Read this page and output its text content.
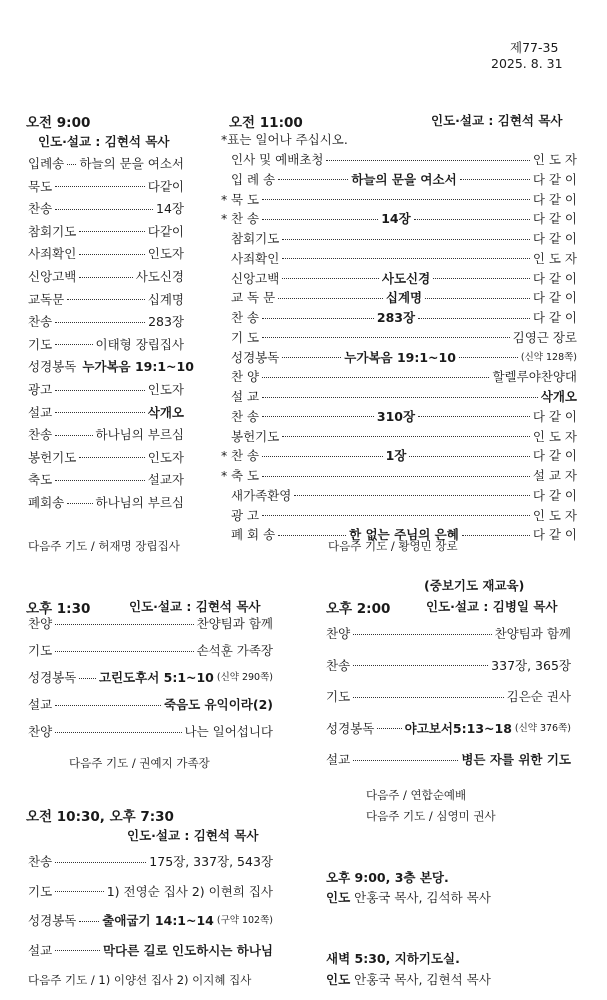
제77-35
2025. 8. 31
오전 9:00
인도·설교 : 김현석 목사
입례송 하늘의 문을 여소서
묵도	다같이
찬송	14장
참회기도	다같이
사죄확인	인도자
신앙고백	사도신경
교독문	십계명
찬송	283장
기도	이태형 장립집사
성경봉독 누가복음 19:1~10
광고	인도자
설교	삭개오
찬송	하나님의 부르심
봉헌기도	인도자
축도	설교자
폐회송	하나님의 부르심
다음주 기도 / 허재명 장립집사
오전 11:00	인도·설교 : 김현석 목사
*표는 일어나 주십시오.
인사 및 예배초청	인 도 자
입 례 송	하늘의 문을 여소서	다 같 이
* 묵 도	다 같 이
* 찬 송	14장	다 같 이
참회기도	다 같 이
사죄확인	인 도 자
신앙고백	사도신경	다 같 이
교 독 문	십계명	다 같 이
찬 송	283장	다 같 이
기 도	김영근 장로
성경봉독	누가복음 19:1~10	(신약 128쪽)
찬 양	할렐루야찬양대
설 교	삭개오
찬 송	310장	다 같 이
봉헌기도	인 도 자
* 찬 송	1장	다 같 이
* 축 도	설 교 자
새가족환영	다 같 이
광 고	인 도 자
폐 회 송	한 없는 주님의 은혜	다 같 이
다음주 기도 / 황영민 장로
오후 1:30	인도·설교 : 김현석 목사
찬양	찬양팀과 함께
기도	손석훈 가족장
성경봉독 고린도후서 5:1~10 (신약 290쪽)
설교	죽음도 유익이라(2)
찬양	나는 일어섭니다
다음주 기도 / 권예지 가족장
(중보기도 재교육)
오후 2:00	인도·설교 : 김병일 목사
찬양	찬양팀과 함께
찬송	337장, 365장
기도	김은순 권사
성경봉독 야고보서5:13~18 (신약 376쪽)
설교	병든 자를 위한 기도
다음주 / 연합순예배
다음주 기도 / 심영미 권사
오전 10:30, 오후 7:30
인도·설교 : 김현석 목사
찬송	175장, 337장, 543장
기도	1) 전영순 집사 2) 이현희 집사
성경봉독 출애굽기 14:1~14 (구약 102쪽)
설교	막다른 길로 인도하시는 하나님
다음주 기도 / 1) 이양선 집사 2) 이지혜 집사
오후 9:00, 3층 본당.
인도 안홍국 목사, 김석하 목사
새벽 5:30, 지하기도실.
인도 안홍국 목사, 김현석 목사
